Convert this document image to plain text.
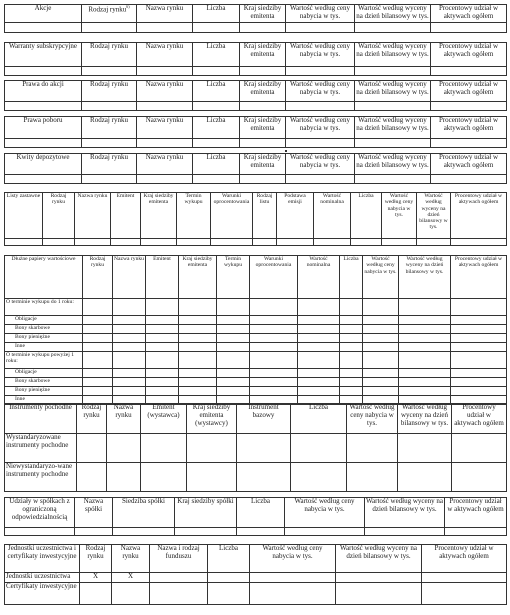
Akcje	Rodzaj rynku$^{6)}$	Nazwa rynku	Liczba	Kraj siedziby emitenta	Wartość według ceny nabycia w tys.	Wartość według wyceny na dzień bilansowy w tys.	Procentowy udział w aktywach ogółem

Warranty subskrypcyjne	Rodzaj rynku	Nazwa rynku	Liczba	Kraj siedziby emitenta	Wartość według ceny nabycia w tys.	Wartość według wyceny na dzień bilansowy w tys.	Procentowy udział w aktywach ogółem

Prawa do akcji	Rodzaj rynku	Nazwa rynku	Liczba	Kraj siedziby emitenta	Wartość według ceny nabycia w tys.	Wartość według wyceny na dzień bilansowy w tys.	Procentowy udział w aktywach ogółem

Prawa poboru	Rodzaj rynku	Nazwa rynku	Liczba	Kraj siedziby emitenta	Wartość według ceny nabycia w tys.	Wartość według wyceny na dzień bilansowy w tys.	Procentowy udział w aktywach ogółem

Kwity depozytowe	Rodzaj rynku	Nazwa rynku	Liczba	Kraj siedziby emitenta	Wartość według ceny nabycia w tys.	Wartość według wyceny na dzień bilansowy w tys.	Procentowy udział w aktywach ogółem

Listy zastawne	Rodzaj rynku	Nazwa rynku	Emitent	Kraj siedziby emitenta	Termin wykupu	Warunki oprocentowania	Rodzaj listu	Podstawa emisji	Wartość nominalna	Liczba	Wartość według ceny nabycia w tys.	Wartość według wyceny na dzień bilansowy w tys.	Procentowy udział w aktywach ogółem

Dłużne papiery wartościowe	Rodzaj rynku	Nazwa rynku	Emitent	Kraj siedziby emitenta	Termin wykupu	Warunki oprocentowania	Wartość nominalna	Liczba	Wartość według ceny nabycia w tys.	Wartość według wyceny na dzień bilansowy w tys.	Procentowy udział w aktywach ogółem
O terminie wykupu do 1 roku:											
Obligacje											
Bony skarbowe											
Bony pieniężne											
Inne											
O terminie wykupu powyżej 1 roku:											
Obligacje											
Bony skarbowe											
Bony pieniężne											
Inne											
Instrumenty pochodne	Rodzaj rynku	Nazwa rynku	Emitent (wystawca)	Kraj siedziby emitenta (wystawcy)	Instrument bazowy	Liczba	Wartość według ceny nabycia w tys.	Wartość według wyceny na dzień bilansowy w tys.	Procentowy udział w aktywach ogółem
Wystandaryzowane instrumenty pochodne									
Niewystandaryzo-wane instrumenty pochodne									
Udziały w spółkach z ograniczoną odpowiedzialnością	Nazwa spółki	Siedziba spółki	Kraj siedziby spółki	Liczba	Wartość według ceny nabycia w tys.	Wartość według wyceny na dzień bilansowy w tys.	Procentowy udział w aktywach ogółem

Jednostki uczestnictwa i certyfikaty inwestycyjne	Rodzaj rynku	Nazwa rynku	Nazwa i rodzaj funduszu	Liczba	Wartość według ceny nabycia w tys.	Wartość według wyceny na dzień bilansowy w tys.	Procentowy udział w aktywach ogółem
Jednostki uczestnictwa	X	X					
Certyfikaty inwestycyjne							
